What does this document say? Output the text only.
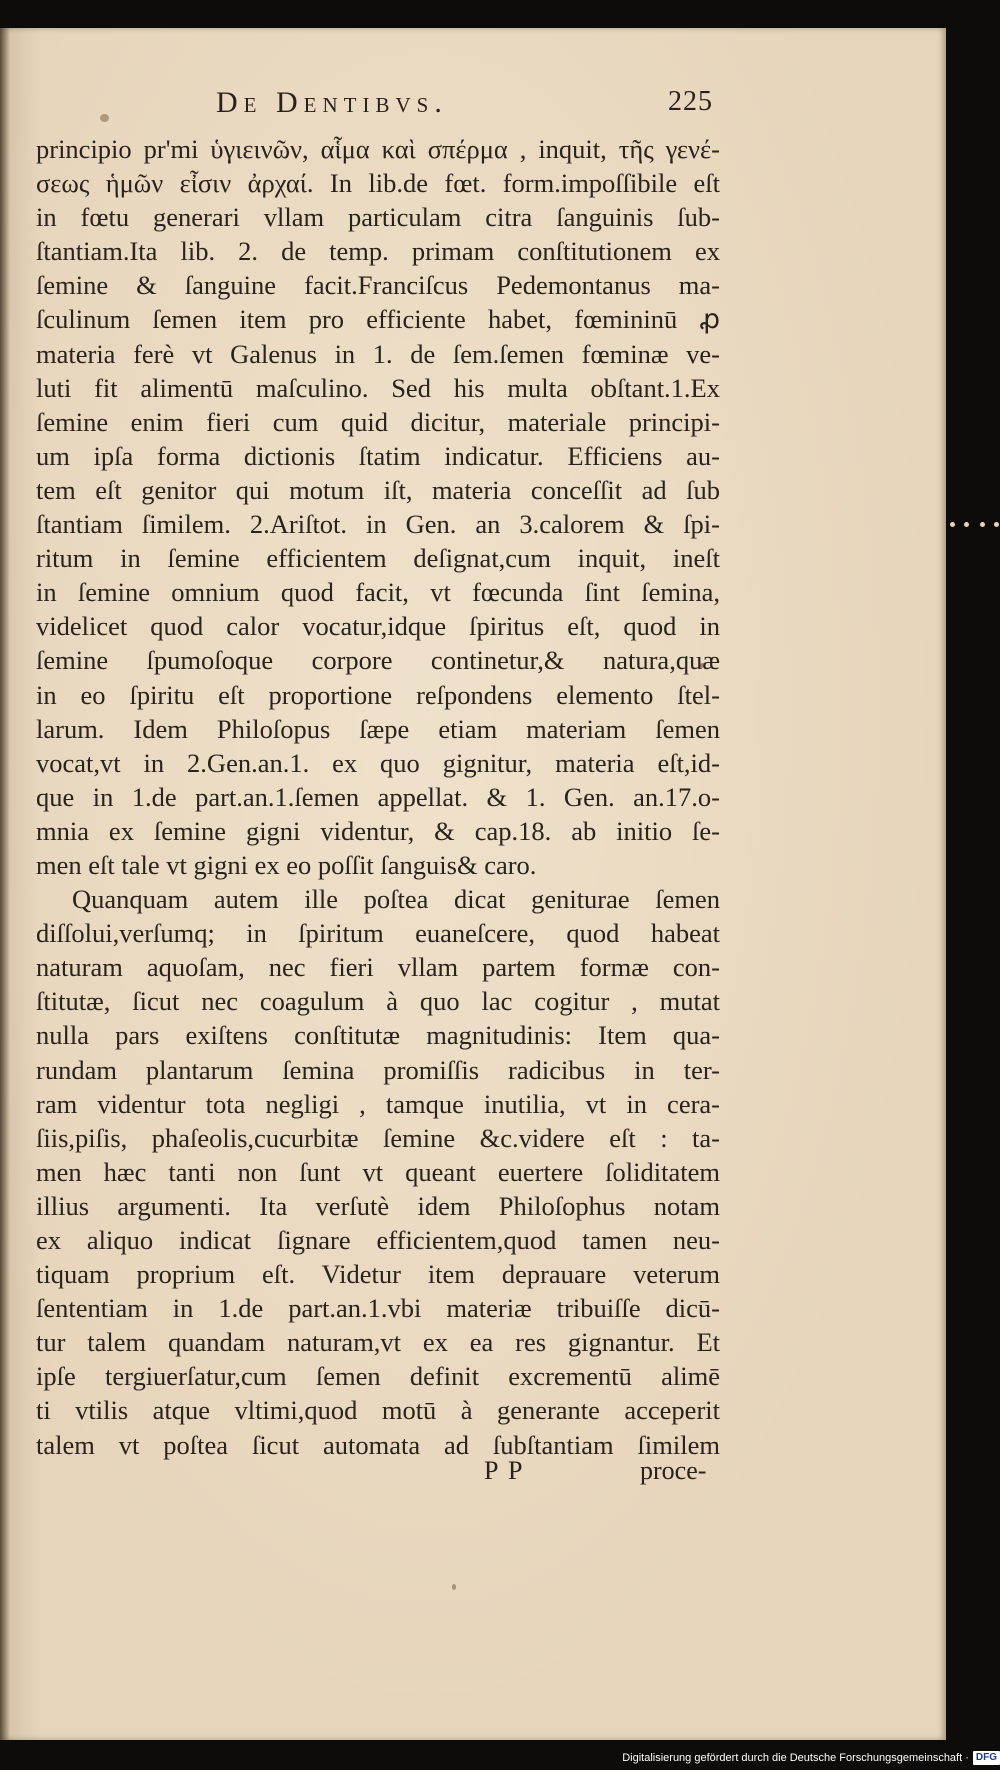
De Dentibvs.	225
principio pr'mi ὑγιεινῶν, αἷμα καὶ σπέρμα , inquit, τῆς γενέ-
σεως ἡμῶν εἶσιν ἀρχαί. In lib.de fœt. form.impoſſibile eſt
in fœtu generari vllam particulam citra ſanguinis ſub-
ſtantiam.Ita lib. 2. de temp. primam conſtitutionem ex
ſemine & ſanguine facit.Franciſcus Pedemontanus ma-
ſculinum ſemen item pro efficiente habet, fœmininū ꝓ
materia ferè vt Galenus in 1. de ſem.ſemen fœminæ ve-
luti fit alimentū maſculino. Sed his multa obſtant.1.Ex
ſemine enim fieri cum quid dicitur, materiale principi-
um ipſa forma dictionis ſtatim indicatur. Efficiens au-
tem eſt genitor qui motum iſt, materia conceſſit ad ſub
ſtantiam ſimilem. 2.Ariſtot. in Gen. an 3.calorem & ſpi-
ritum in ſemine efficientem deſignat,cum inquit, ineſt
in ſemine omnium quod facit, vt fœcunda ſint ſemina,
videlicet quod calor vocatur,idque ſpiritus eſt, quod in
ſemine ſpumoſoque corpore continetur,& natura,quæ
in eo ſpiritu eſt proportione reſpondens elemento ſtel-
larum. Idem Philoſopus ſæpe etiam materiam ſemen
vocat,vt in 2.Gen.an.1. ex quo gignitur, materia eſt,id-
que in 1.de part.an.1.ſemen appellat. & 1. Gen. an.17.o-
mnia ex ſemine gigni videntur, & cap.18. ab initio ſe-
men eſt tale vt gigni ex eo poſſit ſanguis& caro.
Quanquam autem ille poſtea dicat geniturae ſemen
diſſolui,verſumq; in ſpiritum euaneſcere, quod habeat
naturam aquoſam, nec fieri vllam partem formæ con-
ſtitutæ, ſicut nec coagulum à quo lac cogitur , mutat
nulla pars exiſtens conſtitutæ magnitudinis: Item qua-
rundam plantarum ſemina promiſſis radicibus in ter-
ram videntur tota negligi , tamque inutilia, vt in cera-
ſiis,piſis, phaſeolis,cucurbitæ ſemine &c.videre eſt : ta-
men hæc tanti non ſunt vt queant euertere ſoliditatem
illius argumenti. Ita verſutè idem Philoſophus notam
ex aliquo indicat ſignare efficientem,quod tamen neu-
tiquam proprium eſt. Videtur item deprauare veterum
ſententiam in 1.de part.an.1.vbi materiæ tribuiſſe dicū-
tur talem quandam naturam,vt ex ea res gignantur. Et
ipſe tergiuerſatur,cum ſemen definit excrementū alimē
ti vtilis atque vltimi,quod motū à generante acceperit
talem vt poſtea ſicut automata ad ſubſtantiam ſimilem
P P	proce-
Digitalisierung gefördert durch die Deutsche Forschungsgemeinschaft · DFG
